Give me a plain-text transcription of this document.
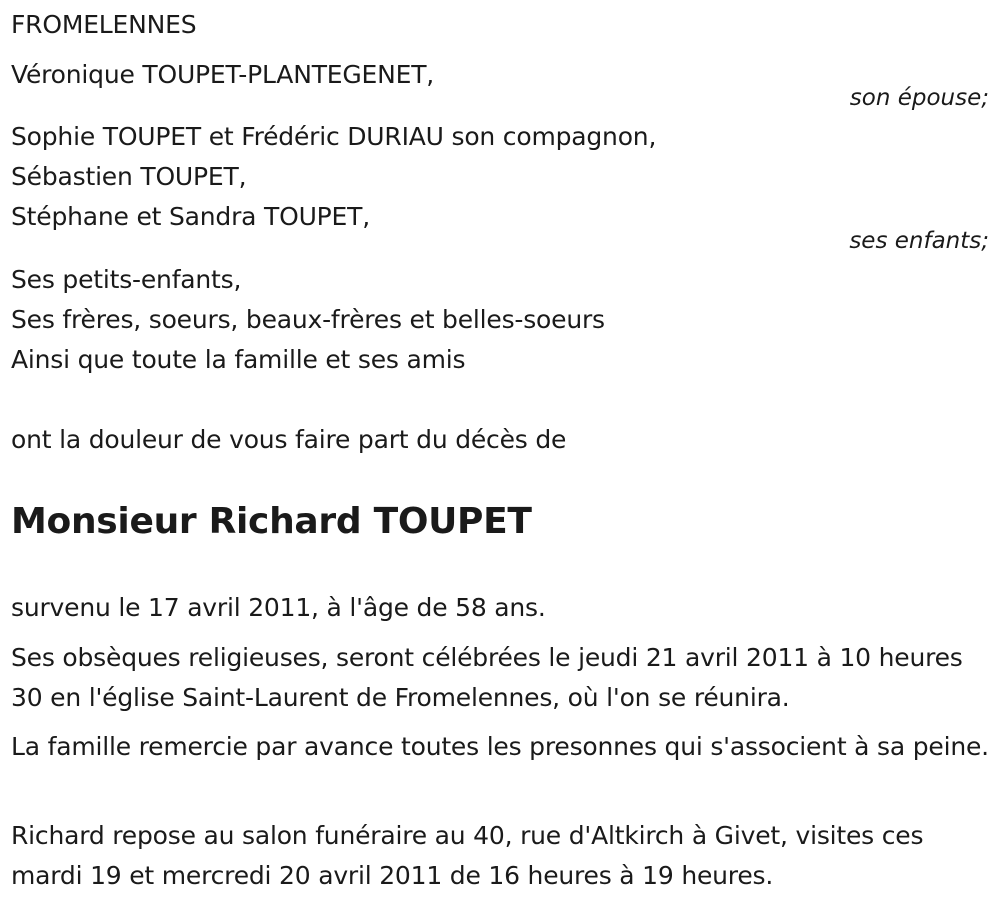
FROMELENNES
Véronique TOUPET-PLANTEGENET,
son épouse;
Sophie TOUPET et Frédéric DURIAU son compagnon,
Sébastien TOUPET,
Stéphane et Sandra TOUPET,
ses enfants;
Ses petits-enfants,
Ses frères, soeurs, beaux-frères et belles-soeurs
Ainsi que toute la famille et ses amis
ont la douleur de vous faire part du décès de
Monsieur Richard TOUPET
survenu le 17 avril 2011, à l'âge de 58 ans.
Ses obsèques religieuses, seront célébrées le jeudi 21 avril 2011 à 10 heures 30 en l'église Saint-Laurent de Fromelennes, où l'on se réunira.
La famille remercie par avance toutes les presonnes qui s'associent à sa peine.
Richard repose au salon funéraire au 40, rue d'Altkirch à Givet, visites ces mardi 19 et mercredi 20 avril 2011 de 16 heures à 19 heures.
